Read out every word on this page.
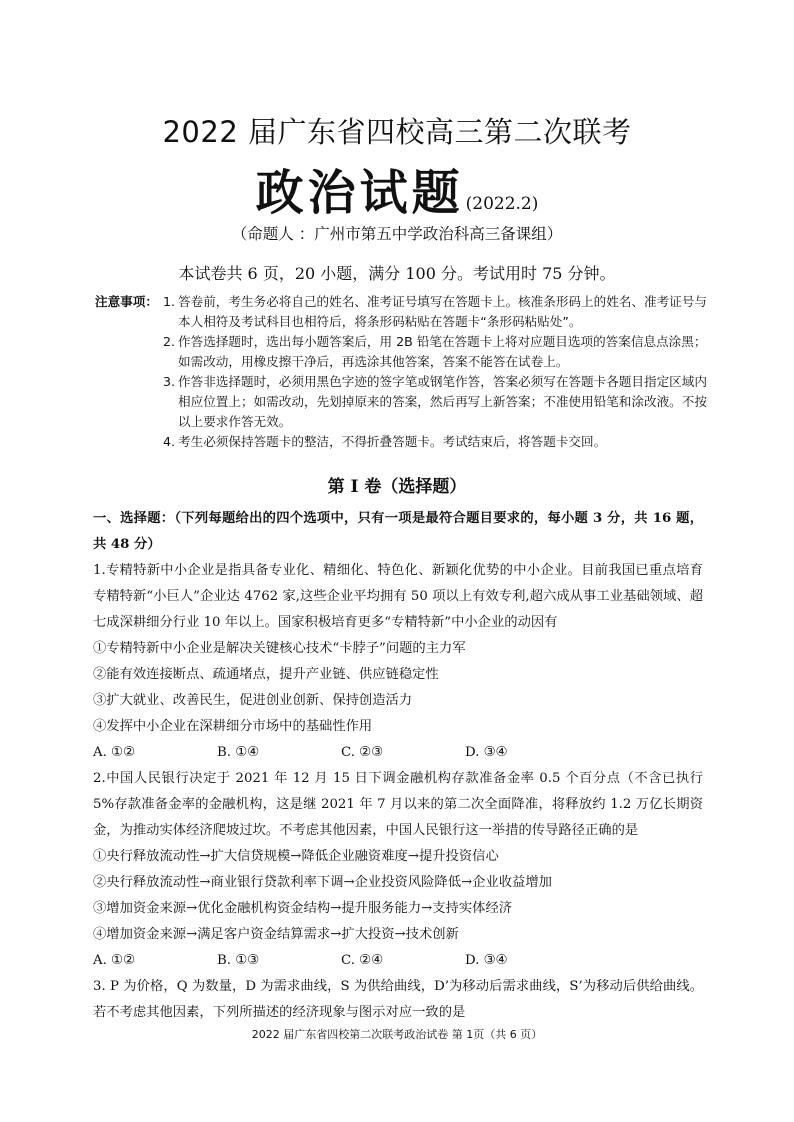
2022 届广东省四校高三第二次联考
政治试题 (2022.2)
（命题人 ：广州市第五中学政治科高三备课组）
本试卷共 6 页，20 小题，满分 100 分。考试用时 75 分钟。
注意事项： 1. 答卷前，考生务必将自己的姓名、准考证号填写在答题卡上。核准条形码上的姓名、准考证号与本人相符及考试科目也相符后，将条形码粘贴在答题卡“条形码粘贴处”。
2. 作答选择题时，选出每小题答案后，用 2B 铅笔在答题卡上将对应题目选项的答案信息点涂黑；如需改动，用橡皮擦干净后，再选涂其他答案，答案不能答在试卷上。
3. 作答非选择题时，必须用黑色字迹的签字笔或钢笔作答，答案必须写在答题卡各题目指定区域内相应位置上；如需改动，先划掉原来的答案，然后再写上新答案；不准使用铅笔和涂改液。不按以上要求作答无效。
4. 考生必须保持答题卡的整洁，不得折叠答题卡。考试结束后，将答题卡交回。
第 I 卷（选择题）
一、选择题：（下列每题给出的四个选项中，只有一项是最符合题目要求的，每小题 3 分，共 16 题，共 48 分）
1.专精特新中小企业是指具备专业化、精细化、特色化、新颖化优势的中小企业。目前我国已重点培育专精特新“小巨人”企业达 4762 家,这些企业平均拥有 50 项以上有效专利,超六成从事工业基础领域、超七成深耕细分行业 10 年以上。国家积极培育更多“专精特新”中小企业的动因有
①专精特新中小企业是解决关键核心技术“卡脖子”问题的主力军
②能有效连接断点、疏通堵点，提升产业链、供应链稳定性
③扩大就业、改善民生，促进创业创新、保持创造活力
④发挥中小企业在深耕细分市场中的基础性作用
A. ①②	B. ①④	C. ②③	D. ③④
2.中国人民银行决定于 2021 年 12 月 15 日下调金融机构存款准备金率 0.5 个百分点（不含已执行 5%存款准备金率的金融机构，这是继 2021 年 7 月以来的第二次全面降准，将释放约 1.2 万亿长期资金，为推动实体经济爬坡过坎。不考虑其他因素，中国人民银行这一举措的传导路径正确的是
①央行释放流动性→扩大信贷规模→降低企业融资难度→提升投资信心
②央行释放流动性→商业银行贷款利率下调→企业投资风险降低→企业收益增加
③增加资金来源→优化金融机构资金结构→提升服务能力→支持实体经济
④增加资金来源→满足客户资金结算需求→扩大投资→技术创新
A. ①②	B. ①③	C. ②④	D. ③④
3. P 为价格，Q 为数量，D 为需求曲线，S 为供给曲线，D’为移动后需求曲线，S’为移动后供给曲线。若不考虑其他因素，下列所描述的经济现象与图示对应一致的是
2022 届广东省四校第二次联考政治试卷 第 1页（共 6 页）
